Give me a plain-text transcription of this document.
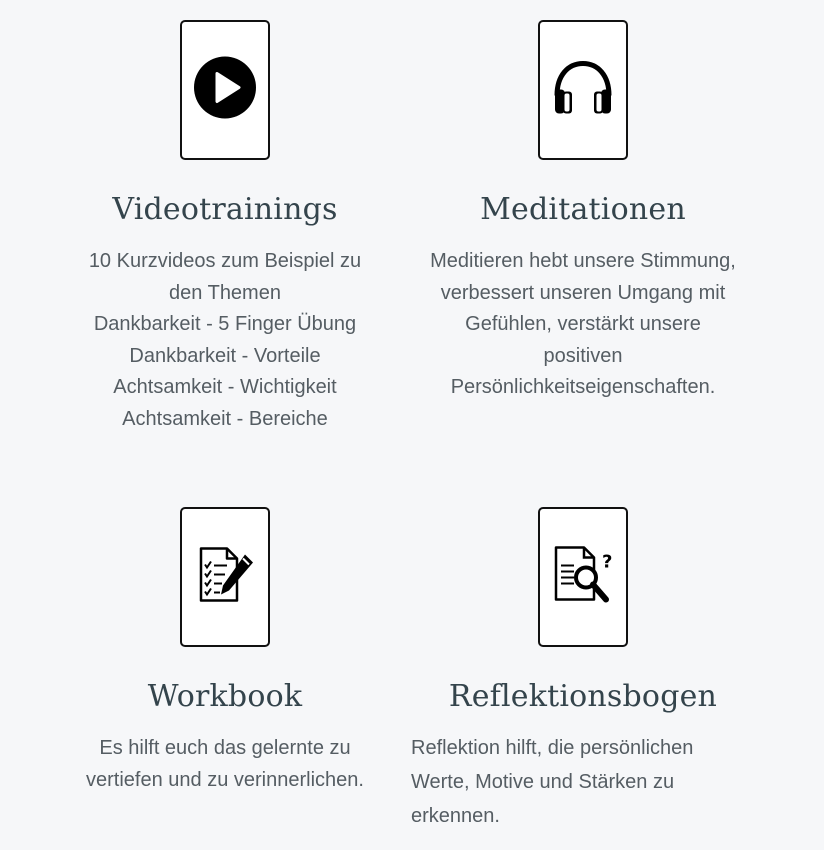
Videotrainings
10 Kurzvideos zum Beispiel zu
den Themen
Dankbarkeit - 5 Finger Übung
Dankbarkeit - Vorteile
Achtsamkeit - Wichtigkeit
Achtsamkeit - Bereiche
Meditationen
Meditieren hebt unsere Stimmung,
verbessert unseren Umgang mit
Gefühlen, verstärkt unsere
positiven
Persönlichkeitseigenschaften.
Workbook
Es hilft euch das gelernte zu
vertiefen und zu verinnerlichen.
?
Reflektionsbogen
Reflektion hilft, die persönlichen
Werte, Motive und Stärken zu
erkennen.
